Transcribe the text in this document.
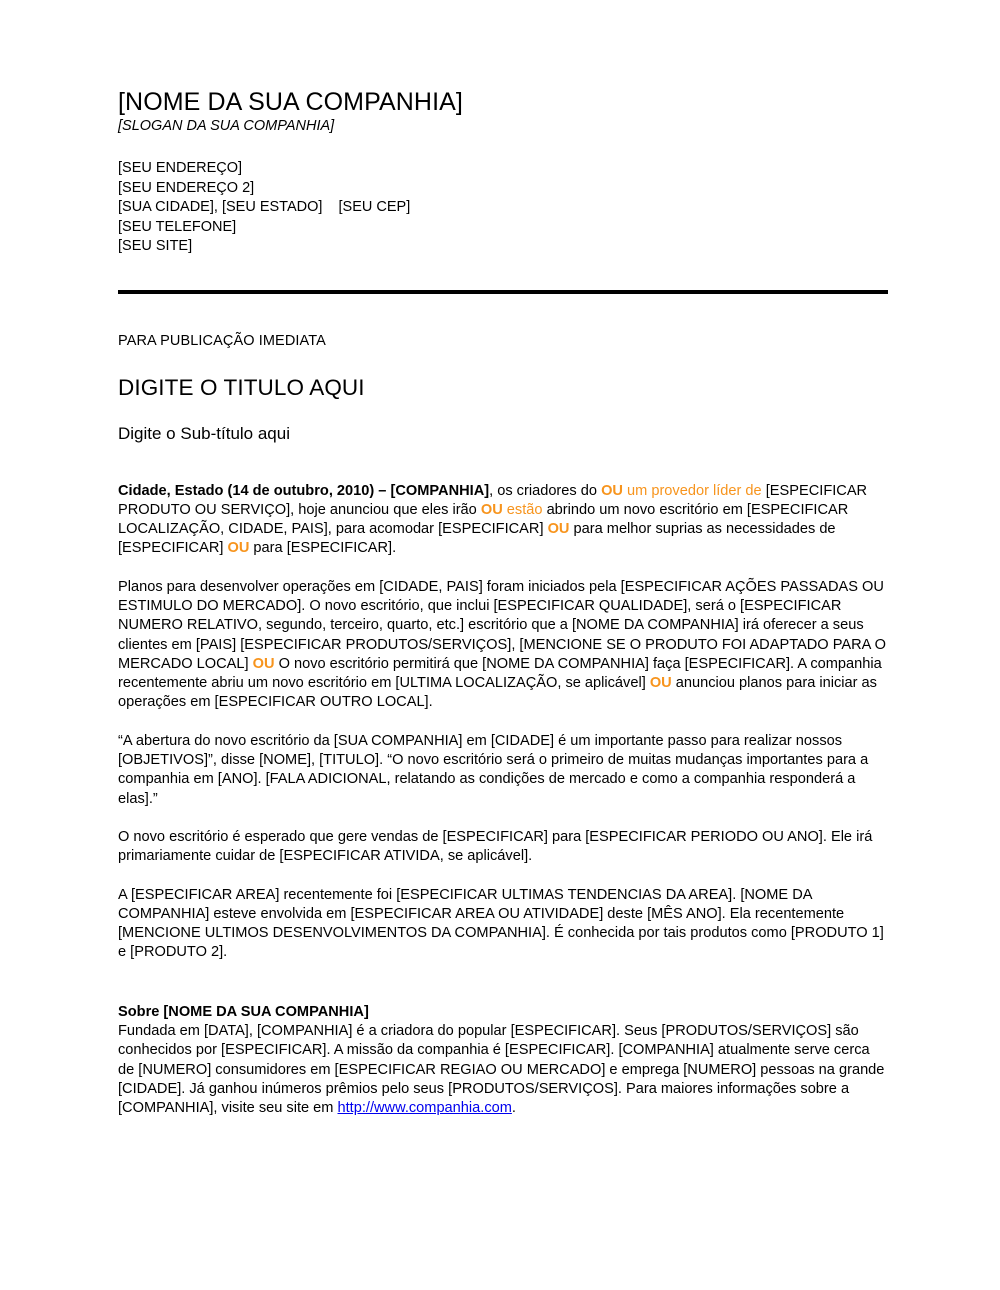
[NOME DA SUA COMPANHIA]
[SLOGAN DA SUA COMPANHIA]
[SEU ENDEREÇO]
[SEU ENDEREÇO 2]
[SUA CIDADE], [SEU ESTADO]    [SEU CEP]
[SEU TELEFONE]
[SEU SITE]
PARA PUBLICAÇÃO IMEDIATA
DIGITE O TITULO AQUI
Digite o Sub-título aqui

Cidade, Estado (14 de outubro, 2010) – [COMPANHIA], os criadores do OU um provedor líder de [ESPECIFICAR PRODUTO OU SERVIÇO], hoje anunciou que eles irão OU estão abrindo um novo escritório em [ESPECIFICAR LOCALIZAÇÃO, CIDADE, PAIS], para acomodar [ESPECIFICAR] OU para melhor suprias as necessidades de [ESPECIFICAR] OU para [ESPECIFICAR].

Planos para desenvolver operações em [CIDADE, PAIS] foram iniciados pela [ESPECIFICAR AÇÕES PASSADAS OU ESTIMULO DO MERCADO]. O novo escritório, que inclui [ESPECIFICAR QUALIDADE], será o [ESPECIFICAR NUMERO RELATIVO, segundo, terceiro, quarto, etc.] escritório que a [NOME DA COMPANHIA] irá oferecer a seus clientes em [PAIS] [ESPECIFICAR PRODUTOS/SERVIÇOS], [MENCIONE SE O PRODUTO FOI ADAPTADO PARA O MERCADO LOCAL] OU O novo escritório permitirá que [NOME DA COMPANHIA] faça [ESPECIFICAR]. A companhia recentemente abriu um novo escritório em [ULTIMA LOCALIZAÇÃO, se aplicável] OU anunciou planos para iniciar as operações em [ESPECIFICAR OUTRO LOCAL].

“A abertura do novo escritório da [SUA COMPANHIA] em [CIDADE] é um importante passo para realizar nossos [OBJETIVOS]”, disse [NOME], [TITULO]. “O novo escritório será o primeiro de muitas mudanças importantes para a companhia em [ANO]. [FALA ADICIONAL, relatando as condições de mercado e como a companhia responderá a elas].”

O novo escritório é esperado que gere vendas de [ESPECIFICAR] para [ESPECIFICAR PERIODO OU ANO]. Ele irá primariamente cuidar de [ESPECIFICAR ATIVIDA, se aplicável].

A [ESPECIFICAR AREA] recentemente foi [ESPECIFICAR ULTIMAS TENDENCIAS DA AREA]. [NOME DA COMPANHIA] esteve envolvida em [ESPECIFICAR AREA OU ATIVIDADE] deste [MÊS ANO]. Ela recentemente [MENCIONE ULTIMOS DESENVOLVIMENTOS DA COMPANHIA]. É conhecida por tais produtos como [PRODUTO 1] e [PRODUTO 2].

Sobre [NOME DA SUA COMPANHIA]
Fundada em [DATA], [COMPANHIA] é a criadora do popular [ESPECIFICAR]. Seus [PRODUTOS/SERVIÇOS] são conhecidos por [ESPECIFICAR]. A missão da companhia é [ESPECIFICAR]. [COMPANHIA] atualmente serve cerca de [NUMERO] consumidores em [ESPECIFICAR REGIAO OU MERCADO] e emprega [NUMERO] pessoas na grande [CIDADE]. Já ganhou inúmeros prêmios pelo seus [PRODUTOS/SERVIÇOS]. Para maiores informações sobre a [COMPANHIA], visite seu site em http://www.companhia.com.
